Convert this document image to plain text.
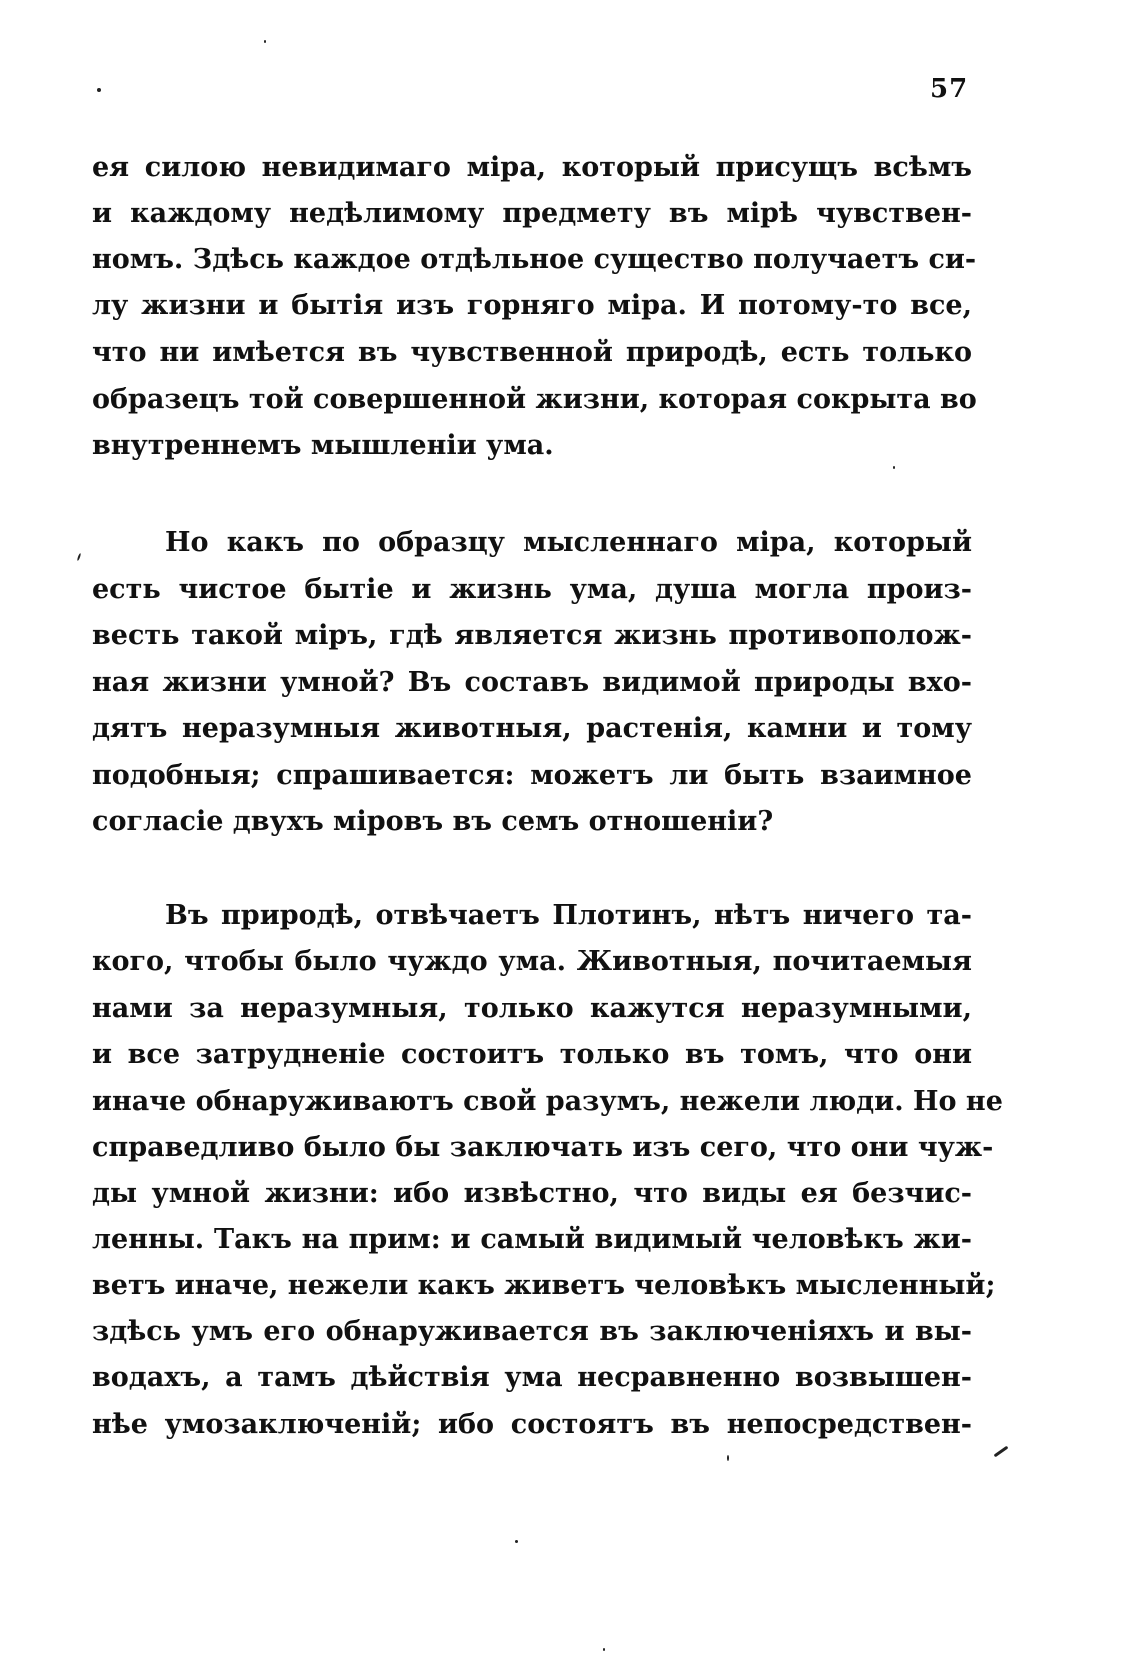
57
ея силою невидимаго міра, который присущъ всѣмъ
и каждому недѣлимому предмету въ мірѣ чувствен-
номъ. Здѣсь каждое отдѣльное существо получаетъ си-
лу жизни и бытія изъ горняго міра. И потому-то все,
что ни имѣется въ чувственной природѣ, есть только
образецъ той совершенной жизни, которая сокрыта во
внутреннемъ мышленіи ума.
Но какъ по образцу мысленнаго міра, который
есть чистое бытіе и жизнь ума, душа могла произ-
весть такой міръ, гдѣ является жизнь противополож-
ная жизни умной? Въ составъ видимой природы вхо-
дятъ неразумныя животныя, растенія, камни и тому
подобныя; спрашивается: можетъ ли быть взаимное
согласіе двухъ міровъ въ семъ отношеніи?
Въ природѣ, отвѣчаетъ Плотинъ, нѣтъ ничего та-
кого, чтобы было чуждо ума. Животныя, почитаемыя
нами за неразумныя, только кажутся неразумными,
и все затрудненіе состоитъ только въ томъ, что они
иначе обнаруживаютъ свой разумъ, нежели люди. Но не
справедливо было бы заключать изъ сего, что они чуж-
ды умной жизни: ибо извѣстно, что виды ея безчис-
ленны. Такъ на прим: и самый видимый человѣкъ жи-
ветъ иначе, нежели какъ живетъ человѣкъ мысленный;
здѣсь умъ его обнаруживается въ заключеніяхъ и вы-
водахъ, а тамъ дѣйствія ума несравненно возвышен-
нѣе умозаключеній; ибо состоятъ въ непосредствен-
